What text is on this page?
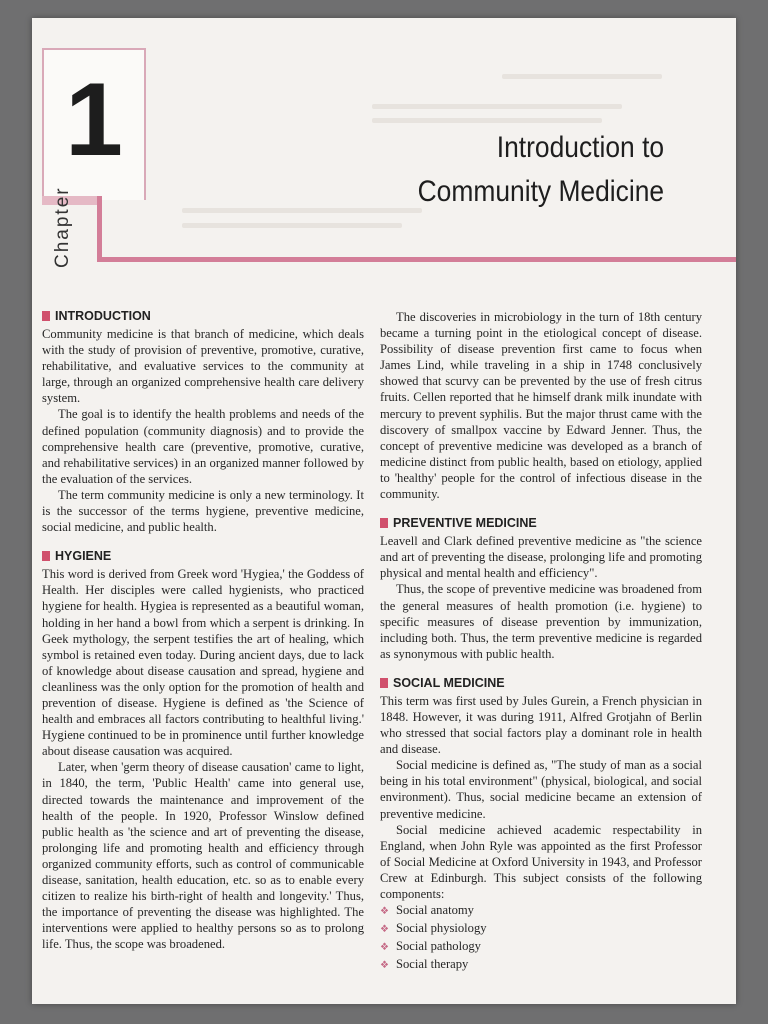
1
Chapter
Introduction to
Community Medicine
INTRODUCTION

Community medicine is that branch of medicine, which deals with the study of provision of preventive, promotive, curative, rehabilitative, and evaluative services to the community at large, through an organized comprehensive health care delivery system.

The goal is to identify the health problems and needs of the defined population (community diagnosis) and to provide the comprehensive health care (preventive, promotive, curative, and rehabilitative services) in an organized manner followed by the evaluation of the services.

The term community medicine is only a new terminology. It is the successor of the terms hygiene, preventive medicine, social medicine, and public health.

HYGIENE

This word is derived from Greek word 'Hygiea,' the Goddess of Health. Her disciples were called hygienists, who practiced hygiene for health. Hygiea is represented as a beautiful woman, holding in her hand a bowl from which a serpent is drinking. In Geek mythology, the serpent testifies the art of healing, which symbol is retained even today. During ancient days, due to lack of knowledge about disease causation and spread, hygiene and cleanliness was the only option for the promotion of health and prevention of disease. Hygiene is defined as 'the Science of health and embraces all factors contributing to healthful living.' Hygiene continued to be in prominence until further knowledge about disease causation was acquired.

Later, when 'germ theory of disease causation' came to light, in 1840, the term, 'Public Health' came into general use, directed towards the maintenance and improvement of the health of the people. In 1920, Professor Winslow defined public health as 'the science and art of preventing the disease, prolonging life and promoting health and efficiency through organized community efforts, such as control of communicable disease, sanitation, health education, etc. so as to enable every citizen to realize his birth-right of health and longevity.' Thus, the importance of preventing the disease was highlighted. The interventions were applied to healthy persons so as to prolong life. Thus, the scope was broadened.

The discoveries in microbiology in the turn of 18th century became a turning point in the etiological concept of disease. Possibility of disease prevention first came to focus when James Lind, while traveling in a ship in 1748 conclusively showed that scurvy can be prevented by the use of fresh citrus fruits. Cellen reported that he himself drank milk inundate with mercury to prevent syphilis. But the major thrust came with the discovery of smallpox vaccine by Edward Jenner. Thus, the concept of preventive medicine was developed as a branch of medicine distinct from public health, based on etiology, applied to 'healthy' people for the control of infectious disease in the community.

PREVENTIVE MEDICINE

Leavell and Clark defined preventive medicine as "the science and art of preventing the disease, prolonging life and promoting physical and mental health and efficiency".

Thus, the scope of preventive medicine was broadened from the general measures of health promotion (i.e. hygiene) to specific measures of disease prevention by immunization, including both. Thus, the term preventive medicine is regarded as synonymous with public health.

SOCIAL MEDICINE

This term was first used by Jules Gurein, a French physician in 1848. However, it was during 1911, Alfred Grotjahn of Berlin who stressed that social factors play a dominant role in health and disease.

Social medicine is defined as, "The study of man as a social being in his total environment" (physical, biological, and social environment). Thus, social medicine became an extension of preventive medicine.

Social medicine achieved academic respectability in England, when John Ryle was appointed as the first Professor of Social Medicine at Oxford University in 1943, and Professor Crew at Edinburgh. This subject consists of the following components:

❖ Social anatomy
❖ Social physiology
❖ Social pathology
❖ Social therapy
